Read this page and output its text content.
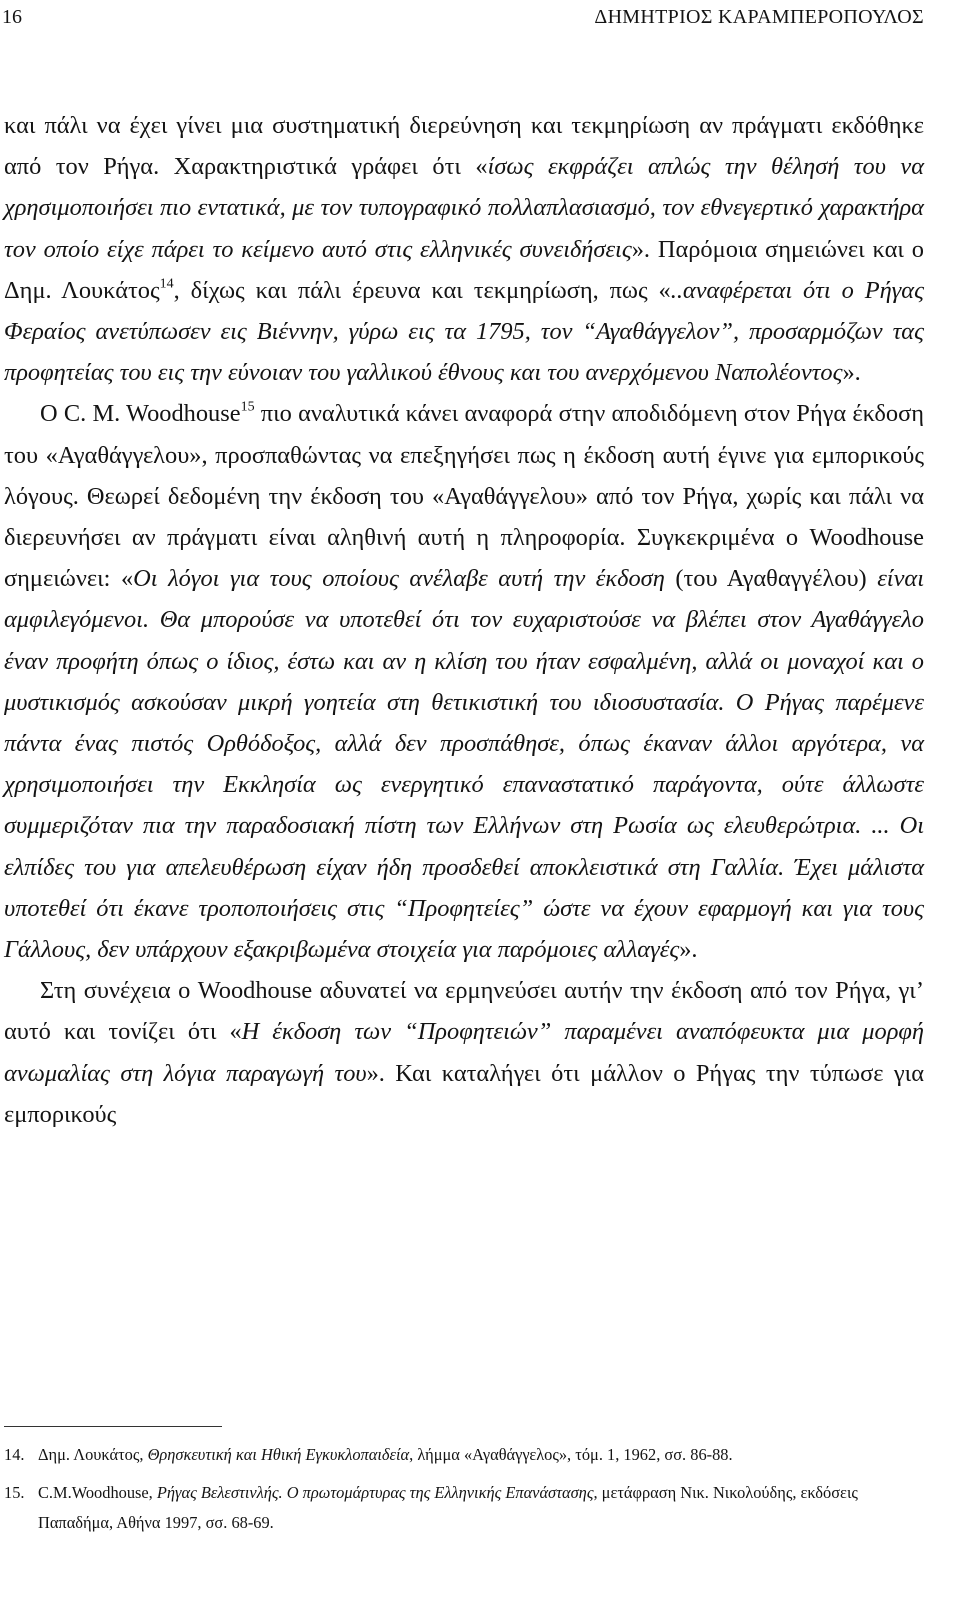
16	ΔΗΜΗΤΡΙΟΣ ΚΑΡΑΜΠΕΡΟΠΟΥΛΟΣ

και πάλι να έχει γίνει μια συστηματική διερεύνηση και τεκμηρίωση αν πράγματι εκδόθηκε από τον Ρήγα. Χαρακτηριστικά γράφει ότι «ίσως εκφράζει απλώς την θέλησή του να χρησιμοποιήσει πιο εντατικά, με τον τυπογραφικό πολλαπλασιασμό, τον εθνεγερτικό χαρακτήρα τον οποίο είχε πάρει το κείμενο αυτό στις ελληνικές συνειδήσεις». Παρόμοια σημειώνει και ο Δημ. Λουκάτος$^{14}$, δίχως και πάλι έρευνα και τεκμηρίωση, πως «..αναφέρεται ότι ο Ρήγας Φεραίος ανετύπωσεν εις Βιέννην, γύρω εις τα 1795, τον “Αγαθάγγελον”, προσαρμόζων τας προφητείας του εις την εύνοιαν του γαλλικού έθνους και του ανερχόμενου Ναπολέοντος».

Ο C. M. Woodhouse$^{15}$ πιο αναλυτικά κάνει αναφορά στην αποδιδόμενη στον Ρήγα έκδοση του «Αγαθάγγελου», προσπαθώντας να επεξηγήσει πως η έκδοση αυτή έγινε για εμπορικούς λόγους. Θεωρεί δεδομένη την έκδοση του «Αγαθάγγελου» από τον Ρήγα, χωρίς και πάλι να διερευνήσει αν πράγματι είναι αληθινή αυτή η πληροφορία. Συγκεκριμένα ο Woodhouse σημειώνει: «Οι λόγοι για τους οποίους ανέλαβε αυτή την έκδοση (του Αγαθαγγέλου) είναι αμφιλεγόμενοι. Θα μπορούσε να υποτεθεί ότι τον ευχαριστούσε να βλέπει στον Αγαθάγγελο έναν προφήτη όπως ο ίδιος, έστω και αν η κλίση του ήταν εσφαλμένη, αλλά οι μοναχοί και ο μυστικισμός ασκούσαν μικρή γοητεία στη θετικιστική του ιδιοσυστασία. Ο Ρήγας παρέμενε πάντα ένας πιστός Ορθόδοξος, αλλά δεν προσπάθησε, όπως έκαναν άλλοι αργότερα, να χρησιμοποιήσει την Εκκλησία ως ενεργητικό επαναστατικό παράγοντα, ούτε άλλωστε συμμεριζόταν πια την παραδοσιακή πίστη των Ελλήνων στη Ρωσία ως ελευθερώτρια. ... Οι ελπίδες του για απελευθέρωση είχαν ήδη προσδεθεί αποκλειστικά στη Γαλλία. Έχει μάλιστα υποτεθεί ότι έκανε τροποποιήσεις στις “Προφητείες” ώστε να έχουν εφαρμογή και για τους Γάλλους, δεν υπάρχουν εξακριβωμένα στοιχεία για παρόμοιες αλλαγές».

Στη συνέχεια ο Woodhouse αδυνατεί να ερμηνεύσει αυτήν την έκδοση από τον Ρήγα, γι’ αυτό και τονίζει ότι «Η έκδοση των “Προφητειών” παραμένει αναπόφευκτα μια μορφή ανωμαλίας στη λόγια παραγωγή του». Και καταλήγει ότι μάλλον ο Ρήγας την τύπωσε για εμπορικούς

14. Δημ. Λουκάτος, Θρησκευτική και Ηθική Εγκυκλοπαιδεία, λήμμα «Αγαθάγγελος», τόμ. 1, 1962, σσ. 86-88.
15. C.M.Woodhouse, Ρήγας Βελεστινλής. Ο πρωτομάρτυρας της Ελληνικής Επανάστασης, μετάφραση Νικ. Νικολούδης, εκδόσεις Παπαδήμα, Αθήνα 1997, σσ. 68-69.
